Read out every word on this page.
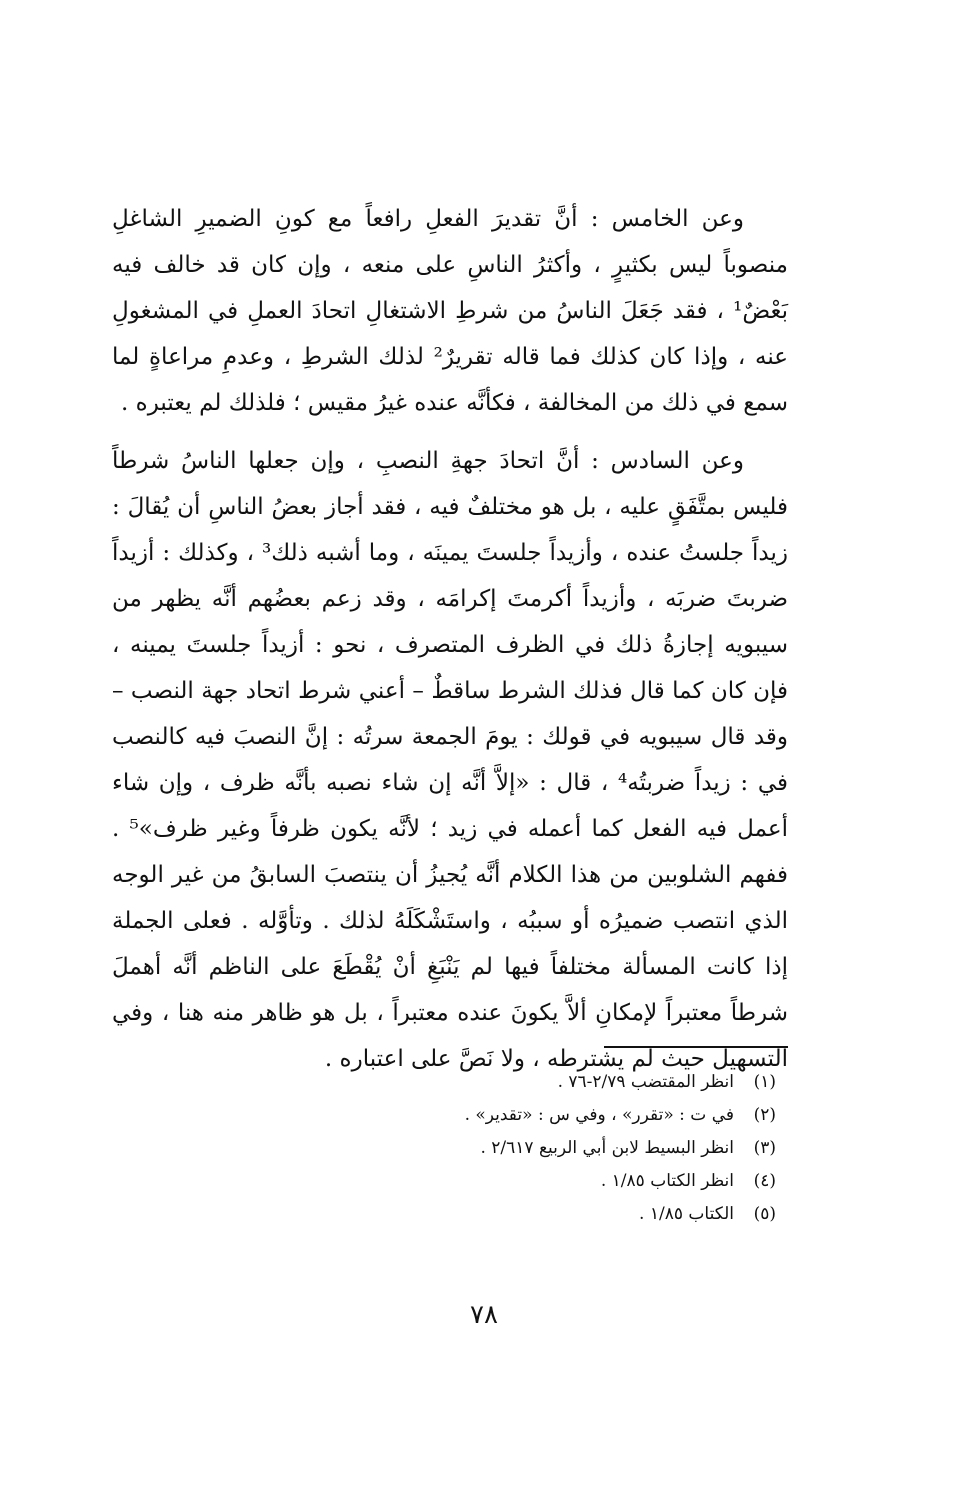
وعن الخامس : أنَّ تقديرَ الفعلِ رافعاً مع كونِ الضميرِ الشاغلِ منصوباً ليس بكثيرٍ ، وأكثرُ الناسِ على منعه ، وإن كان قد خالف فيه بَعْضٌ¹ ، فقد جَعَلَ الناسُ من شرطِ الاشتغالِ اتحادَ العملِ في المشغولِ عنه ، وإذا كان كذلك فما قاله تقريرٌ² لذلك الشرطِ ، وعدمِ مراعاةٍ لما سمع في ذلك من المخالفة ، فكأنَّه عنده غيرُ مقيس ؛ فلذلك لم يعتبره .

وعن السادس : أنَّ اتحادَ جهةِ النصبِ ، وإن جعلها الناسُ شرطاً فليس بمتَّفَقٍ عليه ، بل هو مختلفٌ فيه ، فقد أجاز بعضُ الناسِ أن يُقالَ : زيداً جلستُ عنده ، وأزيداً جلستَ يمينَه ، وما أشبه ذلك³ ، وكذلك : أزيداً ضربتَ ضربَه ، وأزيداً أكرمتَ إكرامَه ، وقد زعم بعضُهم أنَّه يظهر من سيبويه إجازةُ ذلك في الظرف المتصرف ، نحو : أزيداً جلستَ يمينه ، فإن كان كما قال فذلك الشرط ساقطٌ – أعني شرط اتحاد جهة النصب – وقد قال سيبويه في قولك : يومَ الجمعة سرتُه : إنَّ النصبَ فيه كالنصب في : زيداً ضربتُه⁴ ، قال : «إلاَّ أنَّه إن شاء نصبه بأنَّه ظرف ، وإن شاء أعمل فيه الفعل كما أعمله في زيد ؛ لأنَّه يكون ظرفاً وغير ظرف»⁵ . ففهم الشلوبين من هذا الكلام أنَّه يُجيزُ أن ينتصبَ السابقُ من غير الوجه الذي انتصب ضميرُه أو سببُه ، واستَشْكَلَهُ لذلك . وتأوَّله . فعلى الجملة إذا كانت المسألة مختلفاً فيها لم يَنْبَغِ أنْ يُقْطَعَ على الناظم أنَّه أهملَ شرطاً معتبراً لإمكانِ ألاَّ يكونَ عنده معتبراً ، بل هو ظاهر منه هنا ، وفي التسهيل حيث لم يشترطه ، ولا نَصَّ على اعتباره .

(١)
انظر المقتضب ٢/٧٩-٧٦ .
(٢)
في ت : «تقرر» ، وفي س : «تقدير» .
(٣)
انظر البسيط لابن أبي الربيع ٢/٦١٧ .
(٤)
انظر الكتاب ١/٨٥ .
(٥)
الكتاب ١/٨٥ .
٧٨
